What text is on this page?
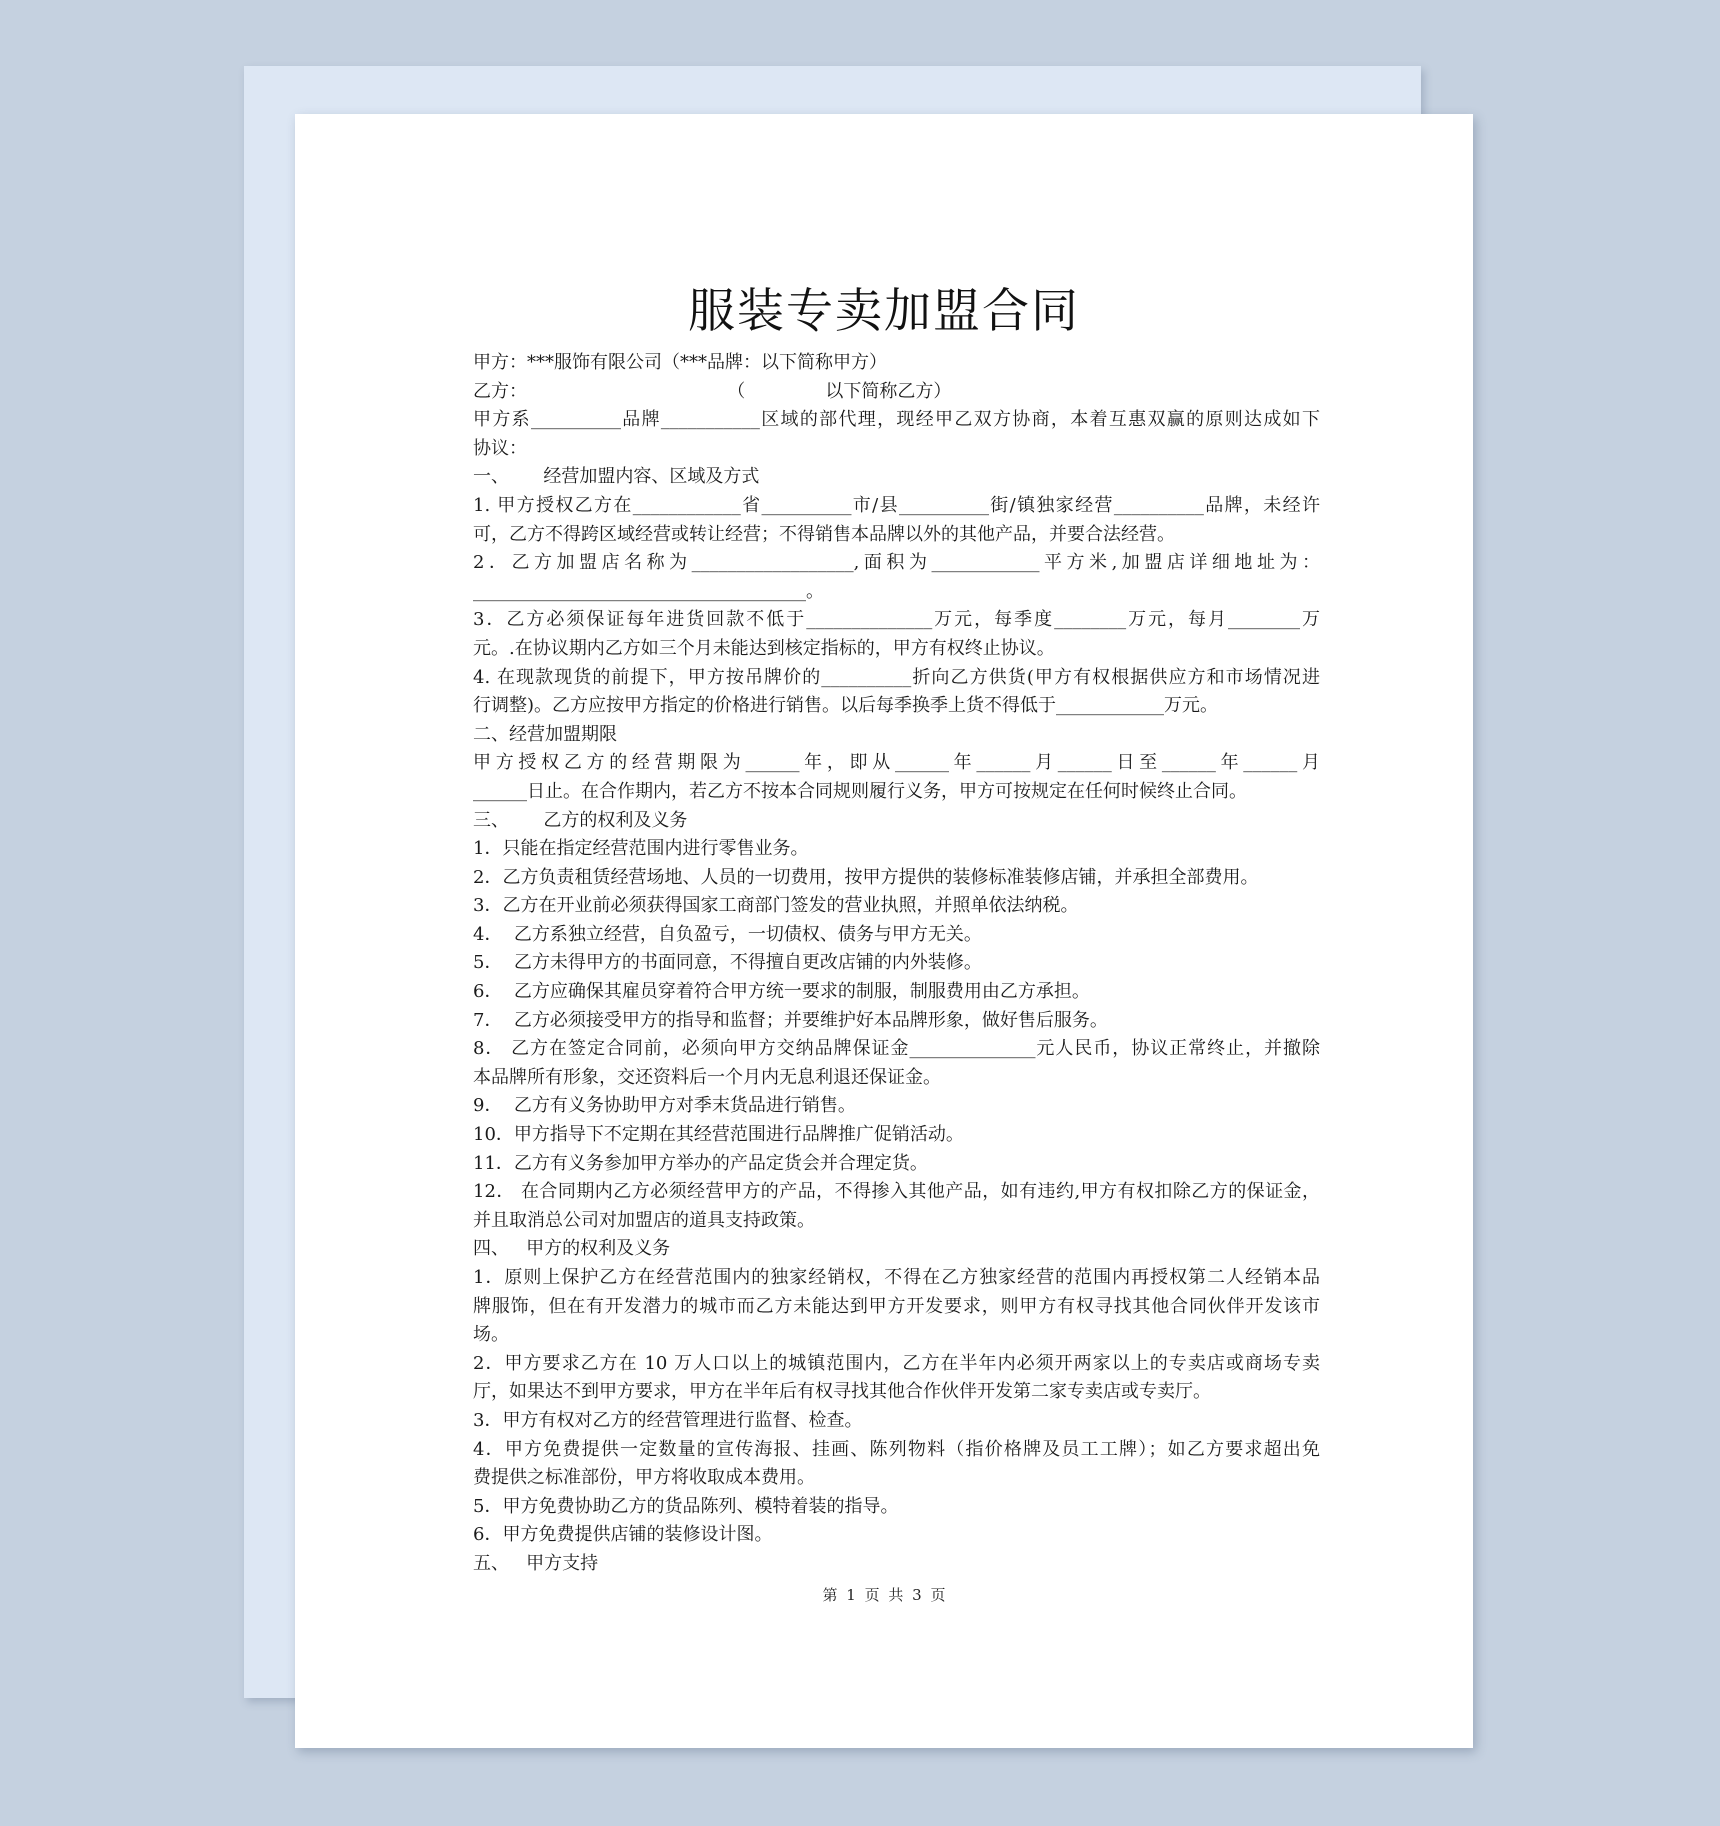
服装专卖加盟合同
甲方：***服饰有限公司（***品牌：以下简称甲方）
乙方：                                   （              以下简称乙方）
甲方系__________品牌___________区域的部代理，现经甲乙双方协商，本着互惠双赢的原则达成如下
协议：
一、      经营加盟内容、区域及方式
1. 甲方授权乙方在____________省__________市/县__________街/镇独家经营__________品牌，未经许
可，乙方不得跨区域经营或转让经营；不得销售本品牌以外的其他产品，并要合法经营。
2．乙方加盟店名称为__________________,面积为____________平方米,加盟店详细地址为：
_____________________________________。
3．乙方必须保证每年进货回款不低于______________万元，每季度________万元，每月________万
元。.在协议期内乙方如三个月未能达到核定指标的，甲方有权终止协议。
4. 在现款现货的前提下，甲方按吊牌价的__________折向乙方供货(甲方有权根据供应方和市场情况进
行调整)。乙方应按甲方指定的价格进行销售。以后每季换季上货不得低于____________万元。
二、经营加盟期限
甲方授权乙方的经营期限为______年，即从______年______月______日至______年______月
______日止。在合作期内，若乙方不按本合同规则履行义务，甲方可按规定在任何时候终止合同。
三、      乙方的权利及义务
1．只能在指定经营范围内进行零售业务。
2．乙方负责租赁经营场地、人员的一切费用，按甲方提供的装修标准装修店铺，并承担全部费用。
3．乙方在开业前必须获得国家工商部门签发的营业执照，并照单依法纳税。
4．  乙方系独立经营，自负盈亏，一切债权、债务与甲方无关。
5．  乙方未得甲方的书面同意，不得擅自更改店铺的内外装修。
6．  乙方应确保其雇员穿着符合甲方统一要求的制服，制服费用由乙方承担。
7．  乙方必须接受甲方的指导和监督；并要维护好本品牌形象，做好售后服务。
8． 乙方在签定合同前，必须向甲方交纳品牌保证金______________元人民币，协议正常终止，并撤除
本品牌所有形象，交还资料后一个月内无息利退还保证金。
9．  乙方有义务协助甲方对季末货品进行销售。
10．甲方指导下不定期在其经营范围进行品牌推广促销活动。
11．乙方有义务参加甲方举办的产品定货会并合理定货。
12． 在合同期内乙方必须经营甲方的产品，不得掺入其他产品，如有违约,甲方有权扣除乙方的保证金，
并且取消总公司对加盟店的道具支持政策。
四、   甲方的权利及义务
1．原则上保护乙方在经营范围内的独家经销权，不得在乙方独家经营的范围内再授权第二人经销本品
牌服饰，但在有开发潜力的城市而乙方未能达到甲方开发要求，则甲方有权寻找其他合同伙伴开发该市
场。
2．甲方要求乙方在 10 万人口以上的城镇范围内，乙方在半年内必须开两家以上的专卖店或商场专卖
厅，如果达不到甲方要求，甲方在半年后有权寻找其他合作伙伴开发第二家专卖店或专卖厅。
3．甲方有权对乙方的经营管理进行监督、检查。
4．甲方免费提供一定数量的宣传海报、挂画、陈列物料（指价格牌及员工工牌）；如乙方要求超出免
费提供之标准部份，甲方将收取成本费用。
5．甲方免费协助乙方的货品陈列、模特着装的指导。
6．甲方免费提供店铺的装修设计图。
五、   甲方支持
第 1 页 共 3 页
